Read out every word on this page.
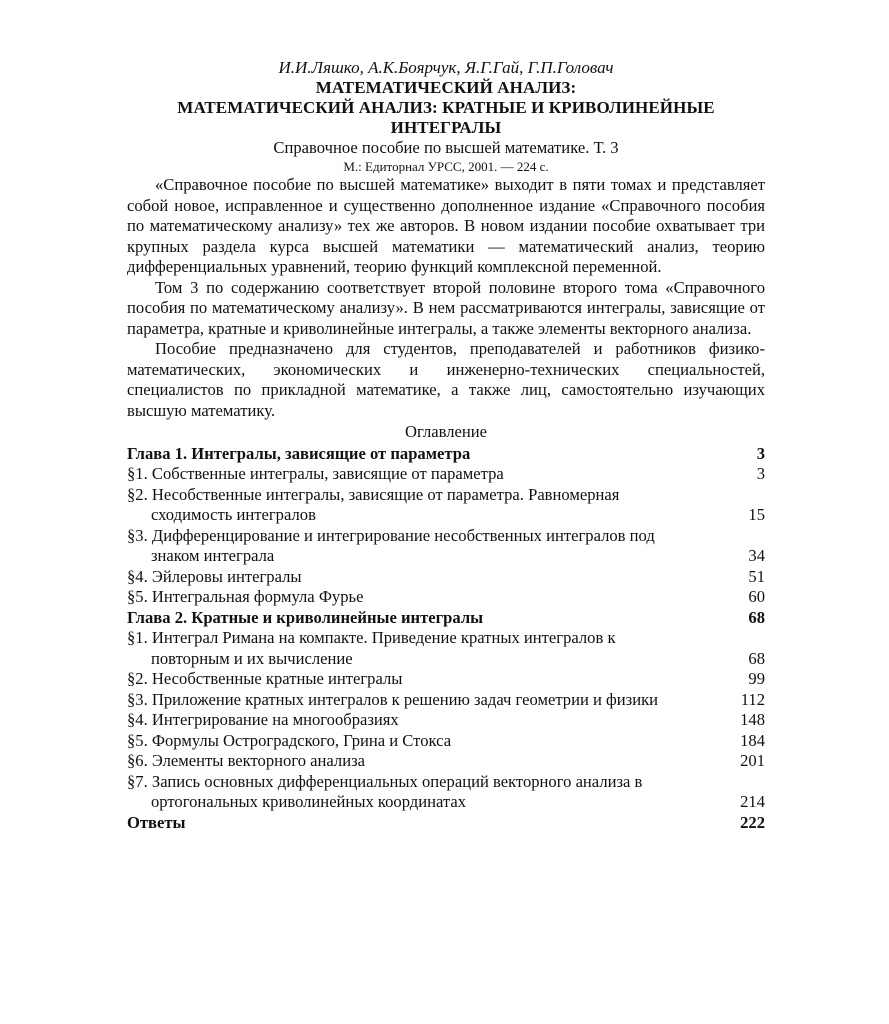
И.И.Ляшко, А.К.Боярчук, Я.Г.Гай, Г.П.Головач
МАТЕМАТИЧЕСКИЙ АНАЛИЗ:
МАТЕМАТИЧЕСКИЙ АНАЛИЗ: КРАТНЫЕ И КРИВОЛИНЕЙНЫЕ
ИНТЕГРАЛЫ
Справочное пособие по высшей математике. Т. 3
М.: Едиторнал УРСС, 2001. — 224 с.

«Справочное пособие по высшей математике» выходит в пяти томах и представляет собой новое, исправленное и существенно дополненное издание «Справочного пособия по математическому анализу» тех же авторов. В новом издании пособие охватывает три крупных раздела курса высшей математики — математический анализ, теорию дифференциальных уравнений, теорию функций комплексной переменной.

Том 3 по содержанию соответствует второй половине второго тома «Справочного пособия по математическому анализу». В нем рассматриваются интегралы, зависящие от параметра, кратные и криволинейные интегралы, а также элементы векторного анализа.

Пособие предназначено для студентов, преподавателей и работников физико-математических, экономических и инженерно-технических специальностей, специалистов по прикладной математике, а также лиц, самостоятельно изучающих высшую математику.

Оглавление
Глава 1. Интегралы, зависящие от параметра	3
§1. Собственные интегралы, зависящие от параметра	3
§2. Несобственные интегралы, зависящие от параметра. Равномерная
сходимость интегралов	15
§3. Дифференцирование и интегрирование несобственных интегралов под
знаком интеграла	34
§4. Эйлеровы интегралы	51
§5. Интегральная формула Фурье	60
Глава 2. Кратные и криволинейные интегралы	68
§1. Интеграл Римана на компакте. Приведение кратных интегралов к
повторным и их вычисление	68
§2. Несобственные кратные интегралы	99
§3. Приложение кратных интегралов к решению задач геометрии и физики	112
§4. Интегрирование на многообразиях	148
§5. Формулы Остроградского, Грина и Стокса	184
§6. Элементы векторного анализа	201
§7. Запись основных дифференциальных операций векторного анализа в
ортогональных криволинейных координатах	214
Ответы	222
